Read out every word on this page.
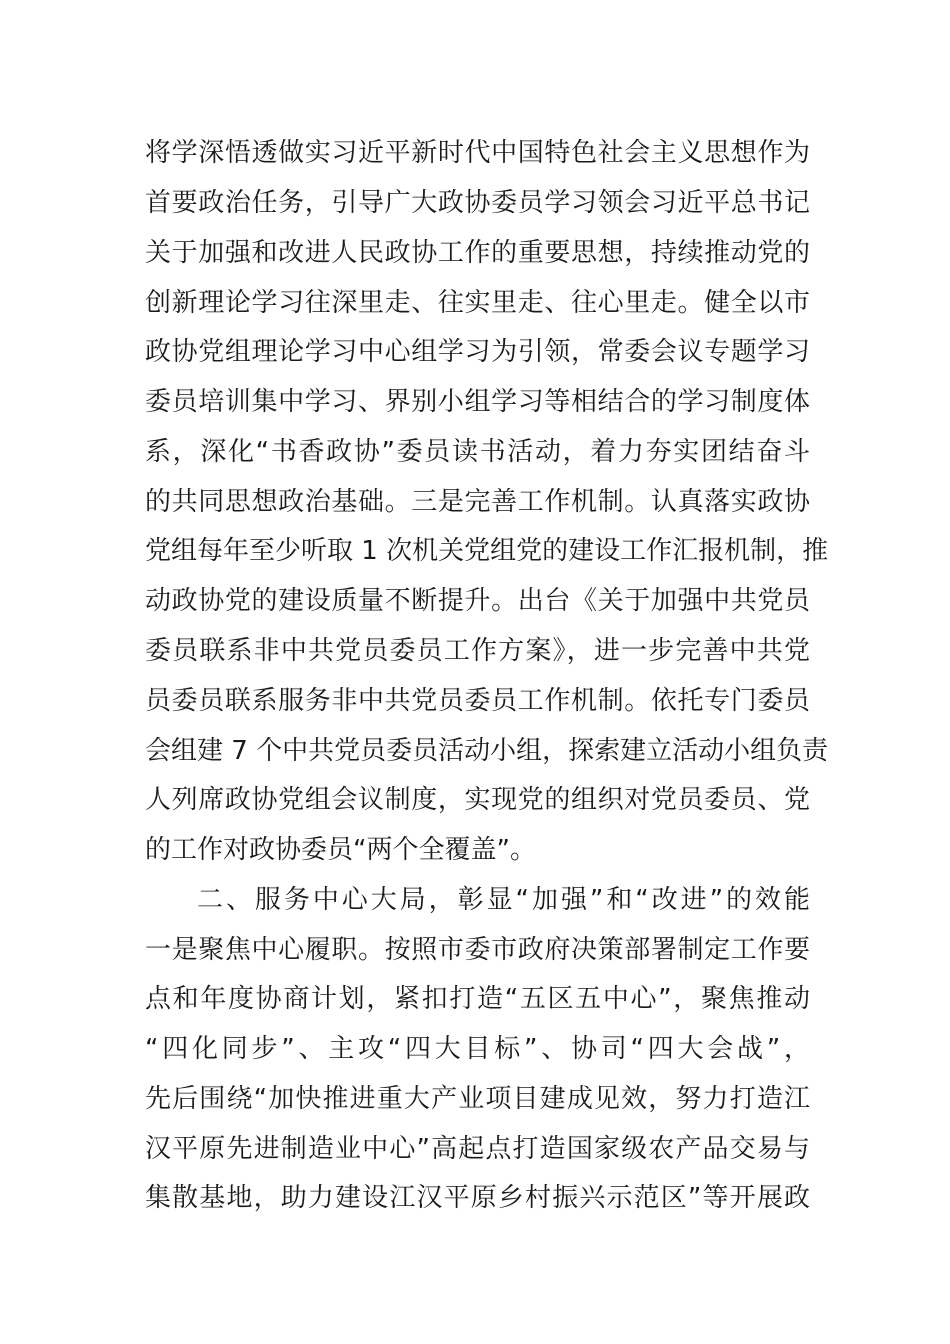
将学深悟透做实习近平新时代中国特色社会主义思想作为
首要政治任务，引导广大政协委员学习领会习近平总书记
关于加强和改进人民政协工作的重要思想，持续推动党的
创新理论学习往深里走、往实里走、往心里走。健全以市
政协党组理论学习中心组学习为引领，常委会议专题学习
委员培训集中学习、界别小组学习等相结合的学习制度体
系，深化“书香政协”委员读书活动，着力夯实团结奋斗
的共同思想政治基础。三是完善工作机制。认真落实政协
党组每年至少听取 1 次机关党组党的建设工作汇报机制，推
动政协党的建设质量不断提升。出台《关于加强中共党员
委员联系非中共党员委员工作方案》，进一步完善中共党
员委员联系服务非中共党员委员工作机制。依托专门委员
会组建 7 个中共党员委员活动小组，探索建立活动小组负责
人列席政协党组会议制度，实现党的组织对党员委员、党
的工作对政协委员“两个全覆盖”。
二、服务中心大局，彰显“加强”和“改进”的效能
一是聚焦中心履职。按照市委市政府决策部署制定工作要
点和年度协商计划，紧扣打造“五区五中心”，聚焦推动
“四化同步”、主攻“四大目标”、协司“四大会战”，
先后围绕“加快推进重大产业项目建成见效，努力打造江
汉平原先进制造业中心”高起点打造国家级农产品交易与
集散基地，助力建设江汉平原乡村振兴示范区”等开展政
